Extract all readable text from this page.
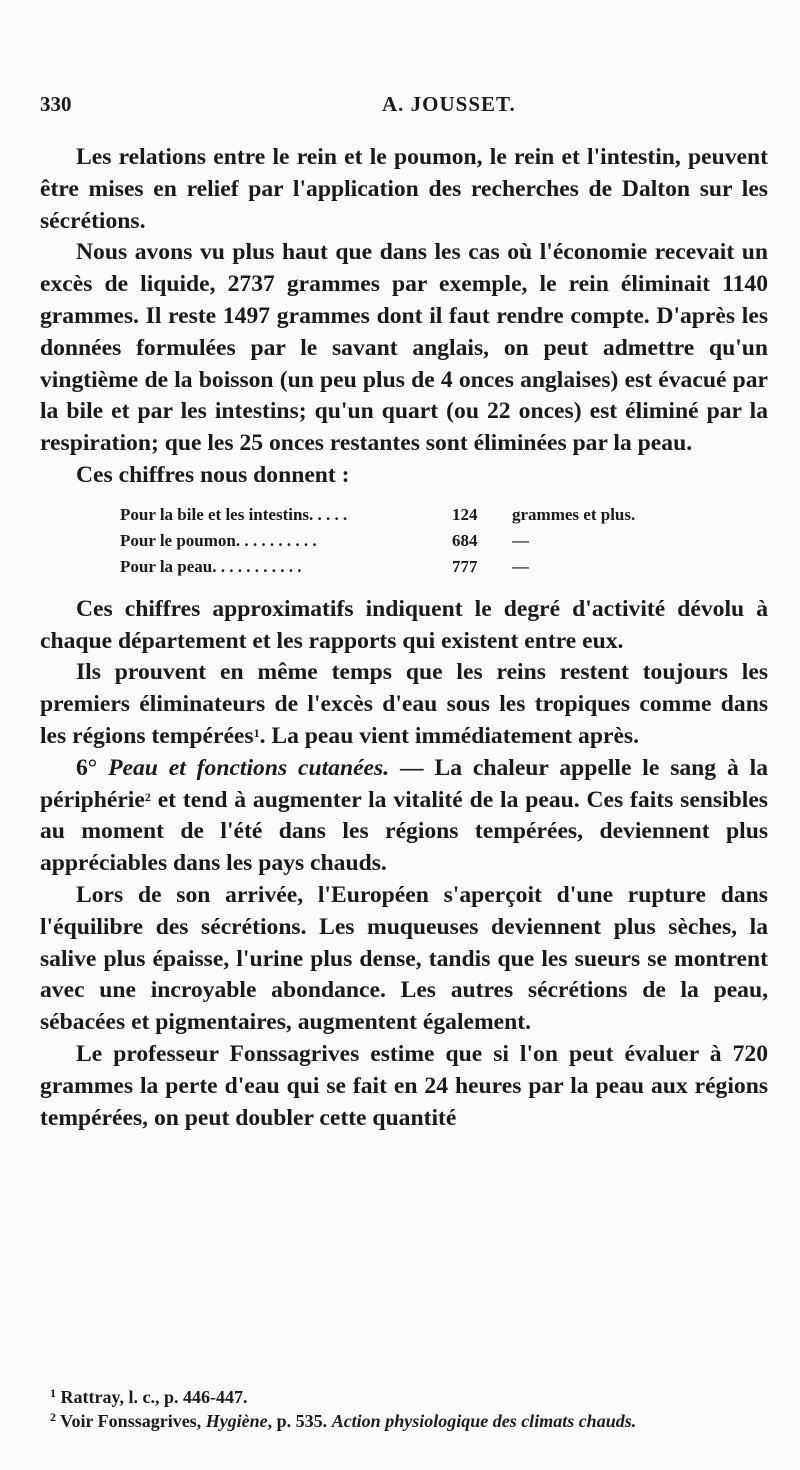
330	A. JOUSSET.

Les relations entre le rein et le poumon, le rein et l'intestin, peuvent être mises en relief par l'application des recherches de Dalton sur les sécrétions.

Nous avons vu plus haut que dans les cas où l'économie recevait un excès de liquide, 2737 grammes par exemple, le rein éliminait 1140 grammes. Il reste 1497 grammes dont il faut rendre compte. D'après les données formulées par le savant anglais, on peut admettre qu'un vingtième de la boisson (un peu plus de 4 onces anglaises) est évacué par la bile et par les intestins; qu'un quart (ou 22 onces) est éliminé par la respiration; que les 25 onces restantes sont éliminées par la peau.

Ces chiffres nous donnent :

Pour la bile et les intestins. . . . .	124	grammes et plus.
Pour le poumon. . . . . . . . . .	684	—
Pour la peau. . . . . . . . . . .	777	—

Ces chiffres approximatifs indiquent le degré d'activité dévolu à chaque département et les rapports qui existent entre eux.

Ils prouvent en même temps que les reins restent toujours les premiers éliminateurs de l'excès d'eau sous les tropiques comme dans les régions tempérées$^1$. La peau vient immédiatement après.

6° Peau et fonctions cutanées. — La chaleur appelle le sang à la périphérie$^2$ et tend à augmenter la vitalité de la peau. Ces faits sensibles au moment de l'été dans les régions tempérées, deviennent plus appréciables dans les pays chauds.

Lors de son arrivée, l'Européen s'aperçoit d'une rupture dans l'équilibre des sécrétions. Les muqueuses deviennent plus sèches, la salive plus épaisse, l'urine plus dense, tandis que les sueurs se montrent avec une incroyable abondance. Les autres sécrétions de la peau, sébacées et pigmentaires, augmentent également.

Le professeur Fonssagrives estime que si l'on peut évaluer à 720 grammes la perte d'eau qui se fait en 24 heures par la peau aux régions tempérées, on peut doubler cette quantité

$^1$ Rattray, l. c., p. 446-447.

$^2$ Voir Fonssagrives, Hygiène, p. 535. Action physiologique des climats chauds.
